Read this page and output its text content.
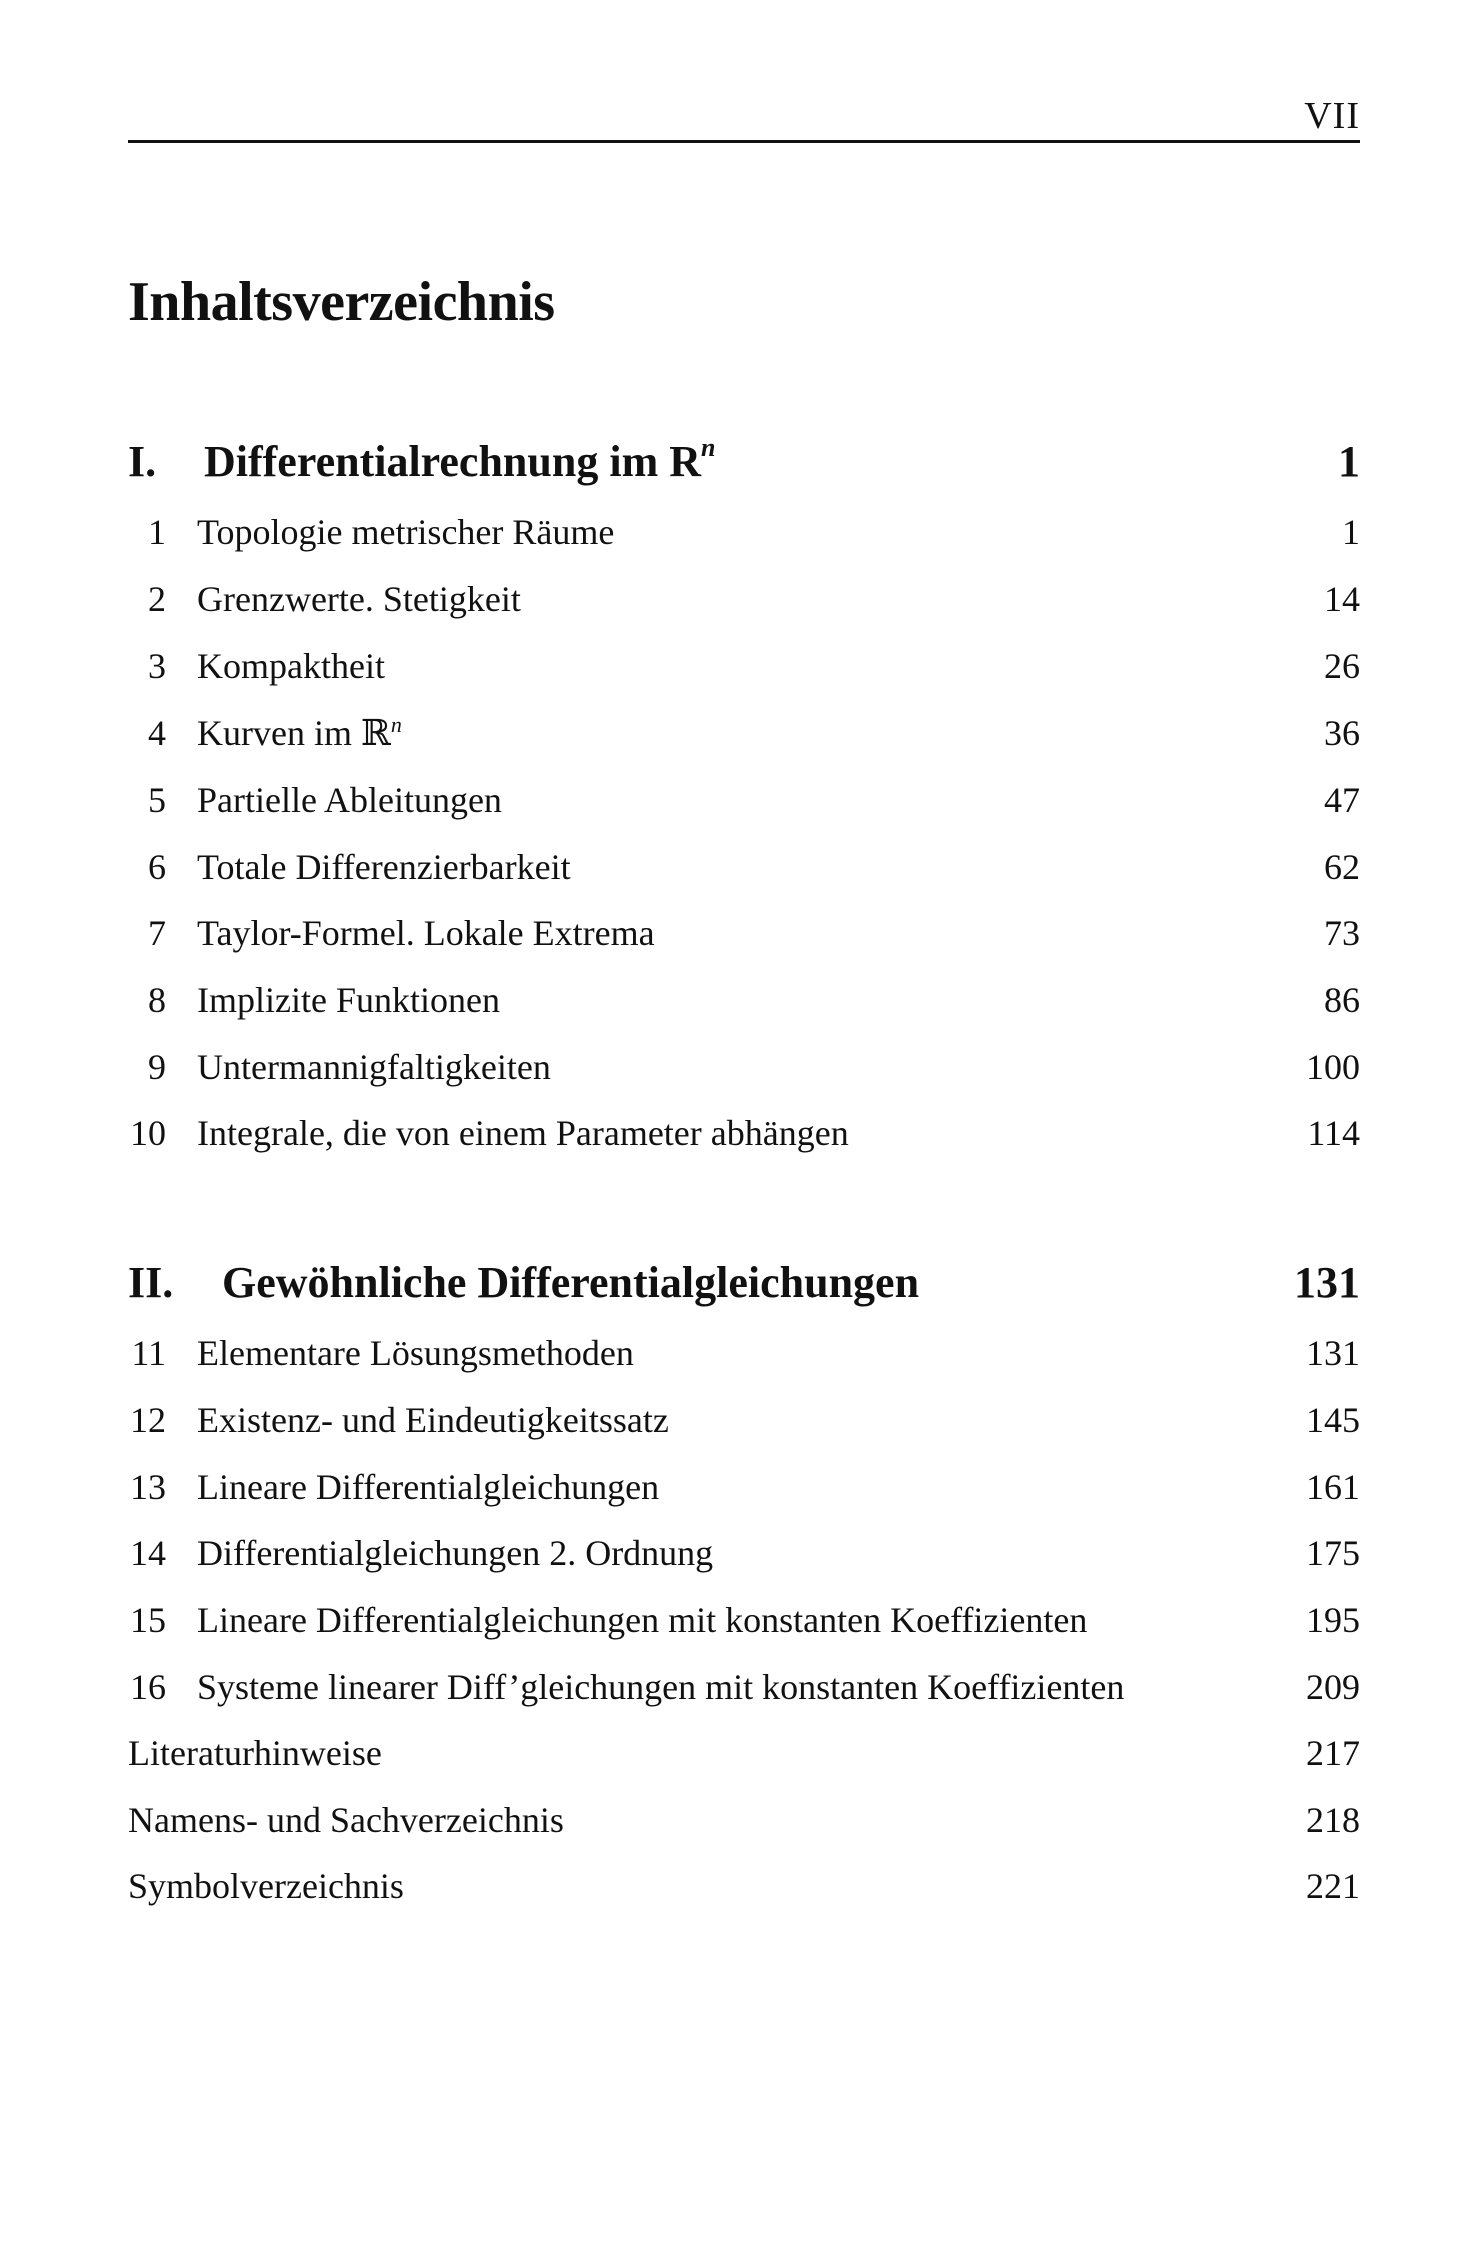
VII
Inhaltsverzeichnis
I. Differentialrechnung im $R^n$	1
1 Topologie metrischer Räume	1
2 Grenzwerte. Stetigkeit	14
3 Kompaktheit	26
4 Kurven im ℝ$^n$	36
5 Partielle Ableitungen	47
6 Totale Differenzierbarkeit	62
7 Taylor-Formel. Lokale Extrema	73
8 Implizite Funktionen	86
9 Untermannigfaltigkeiten	100
10 Integrale, die von einem Parameter abhängen	114
II. Gewöhnliche Differentialgleichungen	131
11 Elementare Lösungsmethoden	131
12 Existenz- und Eindeutigkeitssatz	145
13 Lineare Differentialgleichungen	161
14 Differentialgleichungen 2. Ordnung	175
15 Lineare Differentialgleichungen mit konstanten Koeffizienten	195
16 Systeme linearer Diff’gleichungen mit konstanten Koeffizienten	209
Literaturhinweise	217
Namens- und Sachverzeichnis	218
Symbolverzeichnis	221
